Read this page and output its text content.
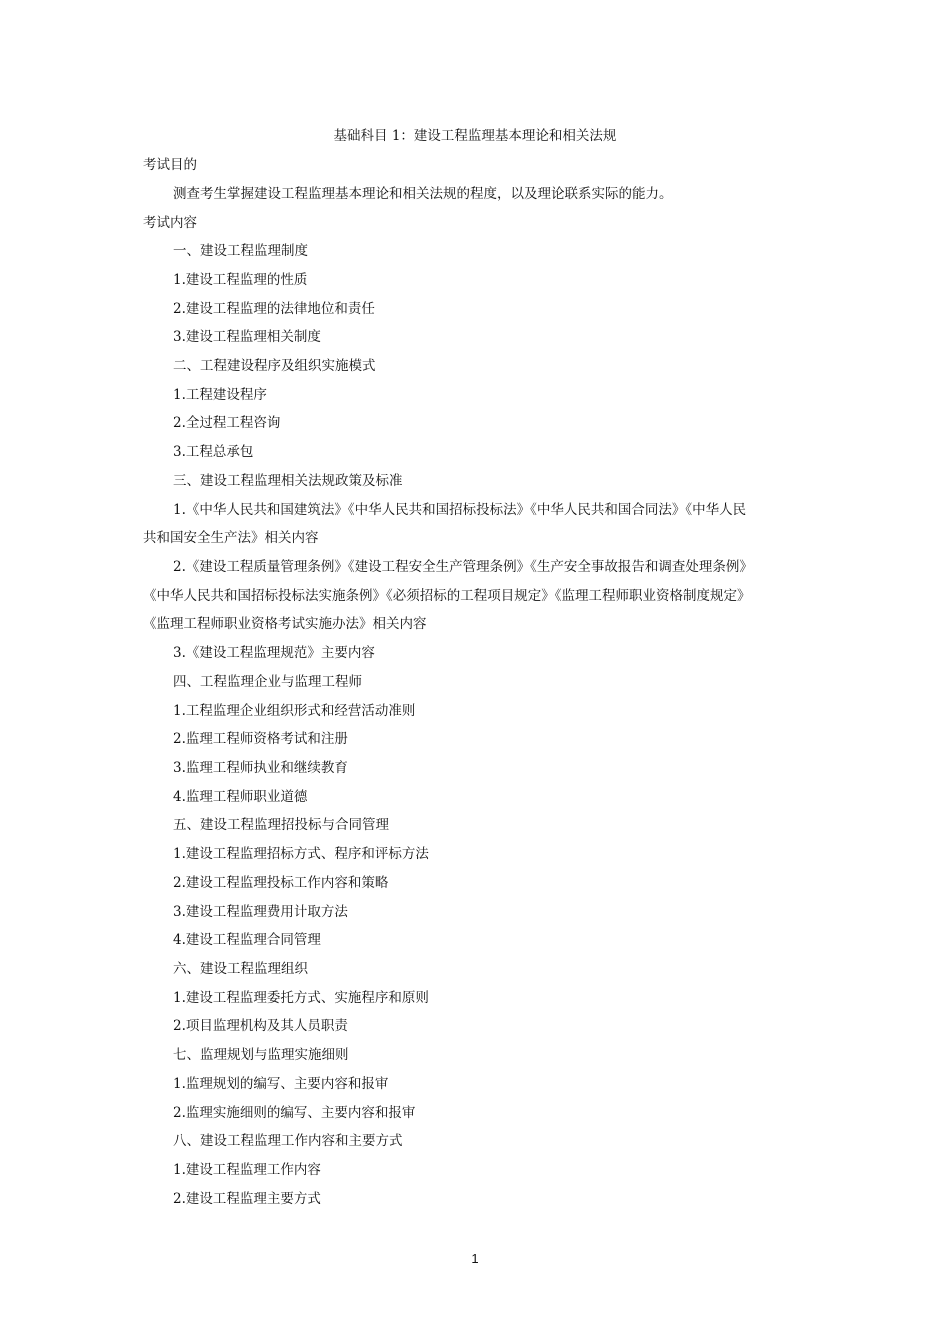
基础科目 1：建设工程监理基本理论和相关法规
考试目的
测查考生掌握建设工程监理基本理论和相关法规的程度，以及理论联系实际的能力。
考试内容
一、建设工程监理制度
1.建设工程监理的性质
2.建设工程监理的法律地位和责任
3.建设工程监理相关制度
二、工程建设程序及组织实施模式
1.工程建设程序
2.全过程工程咨询
3.工程总承包
三、建设工程监理相关法规政策及标准
1.《中华人民共和国建筑法》《中华人民共和国招标投标法》《中华人民共和国合同法》《中华人民
共和国安全生产法》相关内容
2.《建设工程质量管理条例》《建设工程安全生产管理条例》《生产安全事故报告和调查处理条例》
《中华人民共和国招标投标法实施条例》《必须招标的工程项目规定》《监理工程师职业资格制度规定》
《监理工程师职业资格考试实施办法》相关内容
3.《建设工程监理规范》主要内容
四、工程监理企业与监理工程师
1.工程监理企业组织形式和经营活动准则
2.监理工程师资格考试和注册
3.监理工程师执业和继续教育
4.监理工程师职业道德
五、建设工程监理招投标与合同管理
1.建设工程监理招标方式、程序和评标方法
2.建设工程监理投标工作内容和策略
3.建设工程监理费用计取方法
4.建设工程监理合同管理
六、建设工程监理组织
1.建设工程监理委托方式、实施程序和原则
2.项目监理机构及其人员职责
七、监理规划与监理实施细则
1.监理规划的编写、主要内容和报审
2.监理实施细则的编写、主要内容和报审
八、建设工程监理工作内容和主要方式
1.建设工程监理工作内容
2.建设工程监理主要方式
1
